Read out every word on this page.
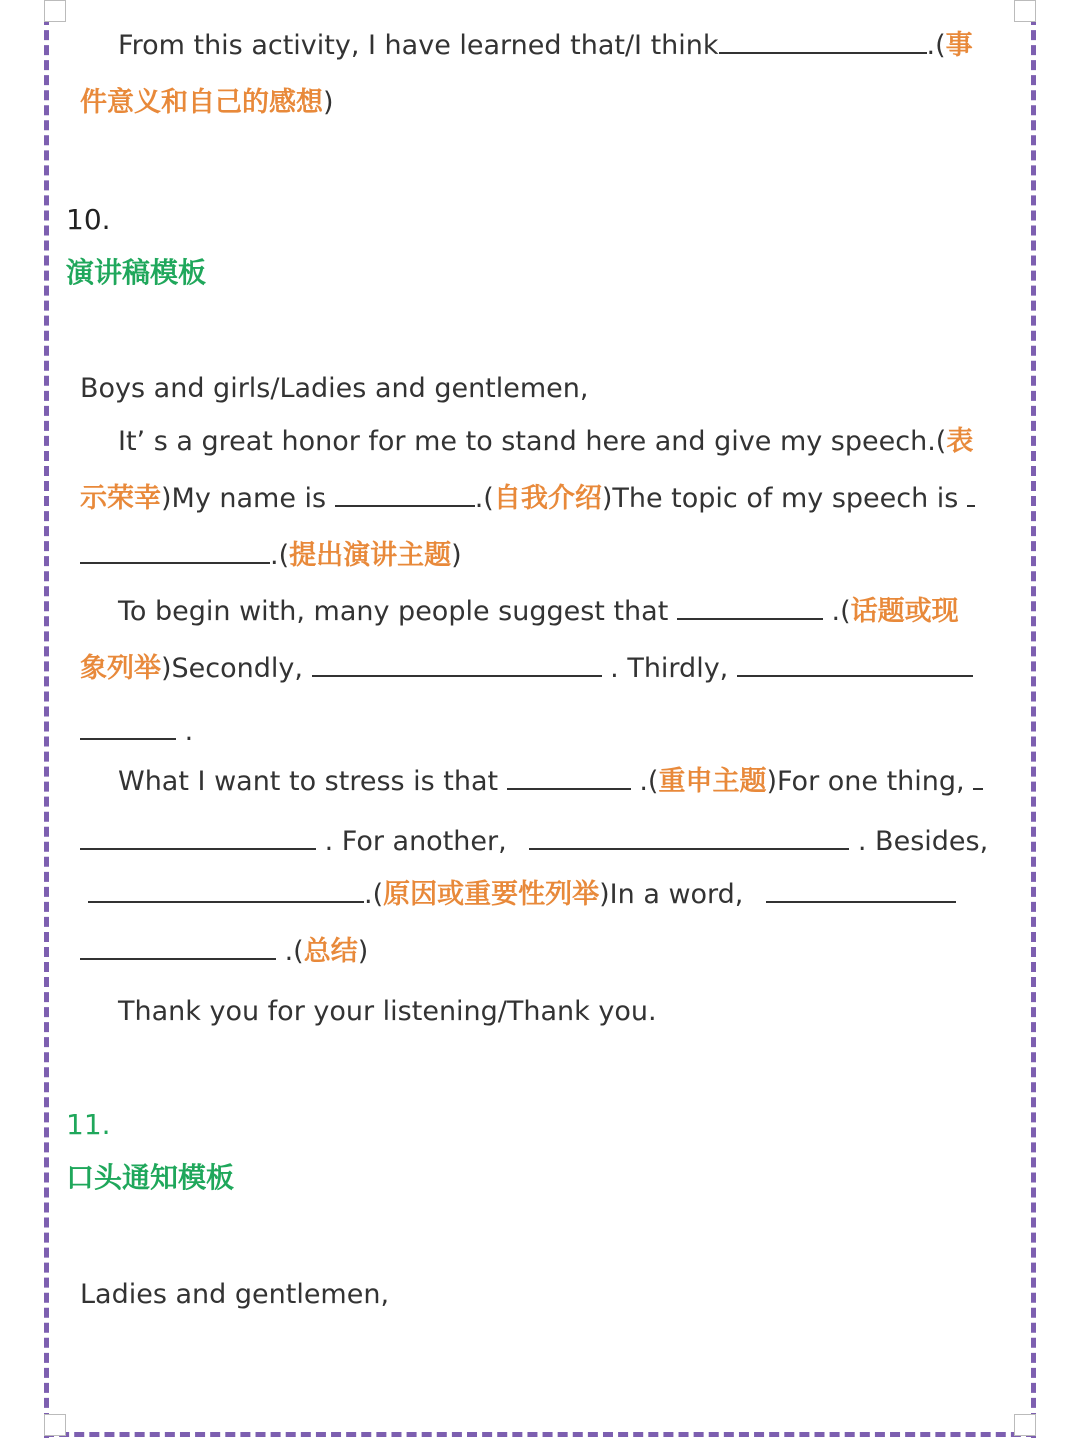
From this activity, I have learned that/I think	.(事
件意义和自己的感想)
10.
演讲稿模板
Boys and girls/Ladies and gentlemen,
It’ s a great honor for me to stand here and give my speech.(表
示荣幸)My name is	.(自我介绍)The topic of my speech is
.(提出演讲主题)
To begin with, many people suggest that	.(话题或现
象列举)Secondly,	. Thirdly,
.
What I want to stress is that	.(重申主题)For one thing,
. For another,	. Besides,
.(原因或重要性列举)In a word,
.(总结)
Thank you for your listening/Thank you.
11.
口头通知模板
Ladies and gentlemen,
